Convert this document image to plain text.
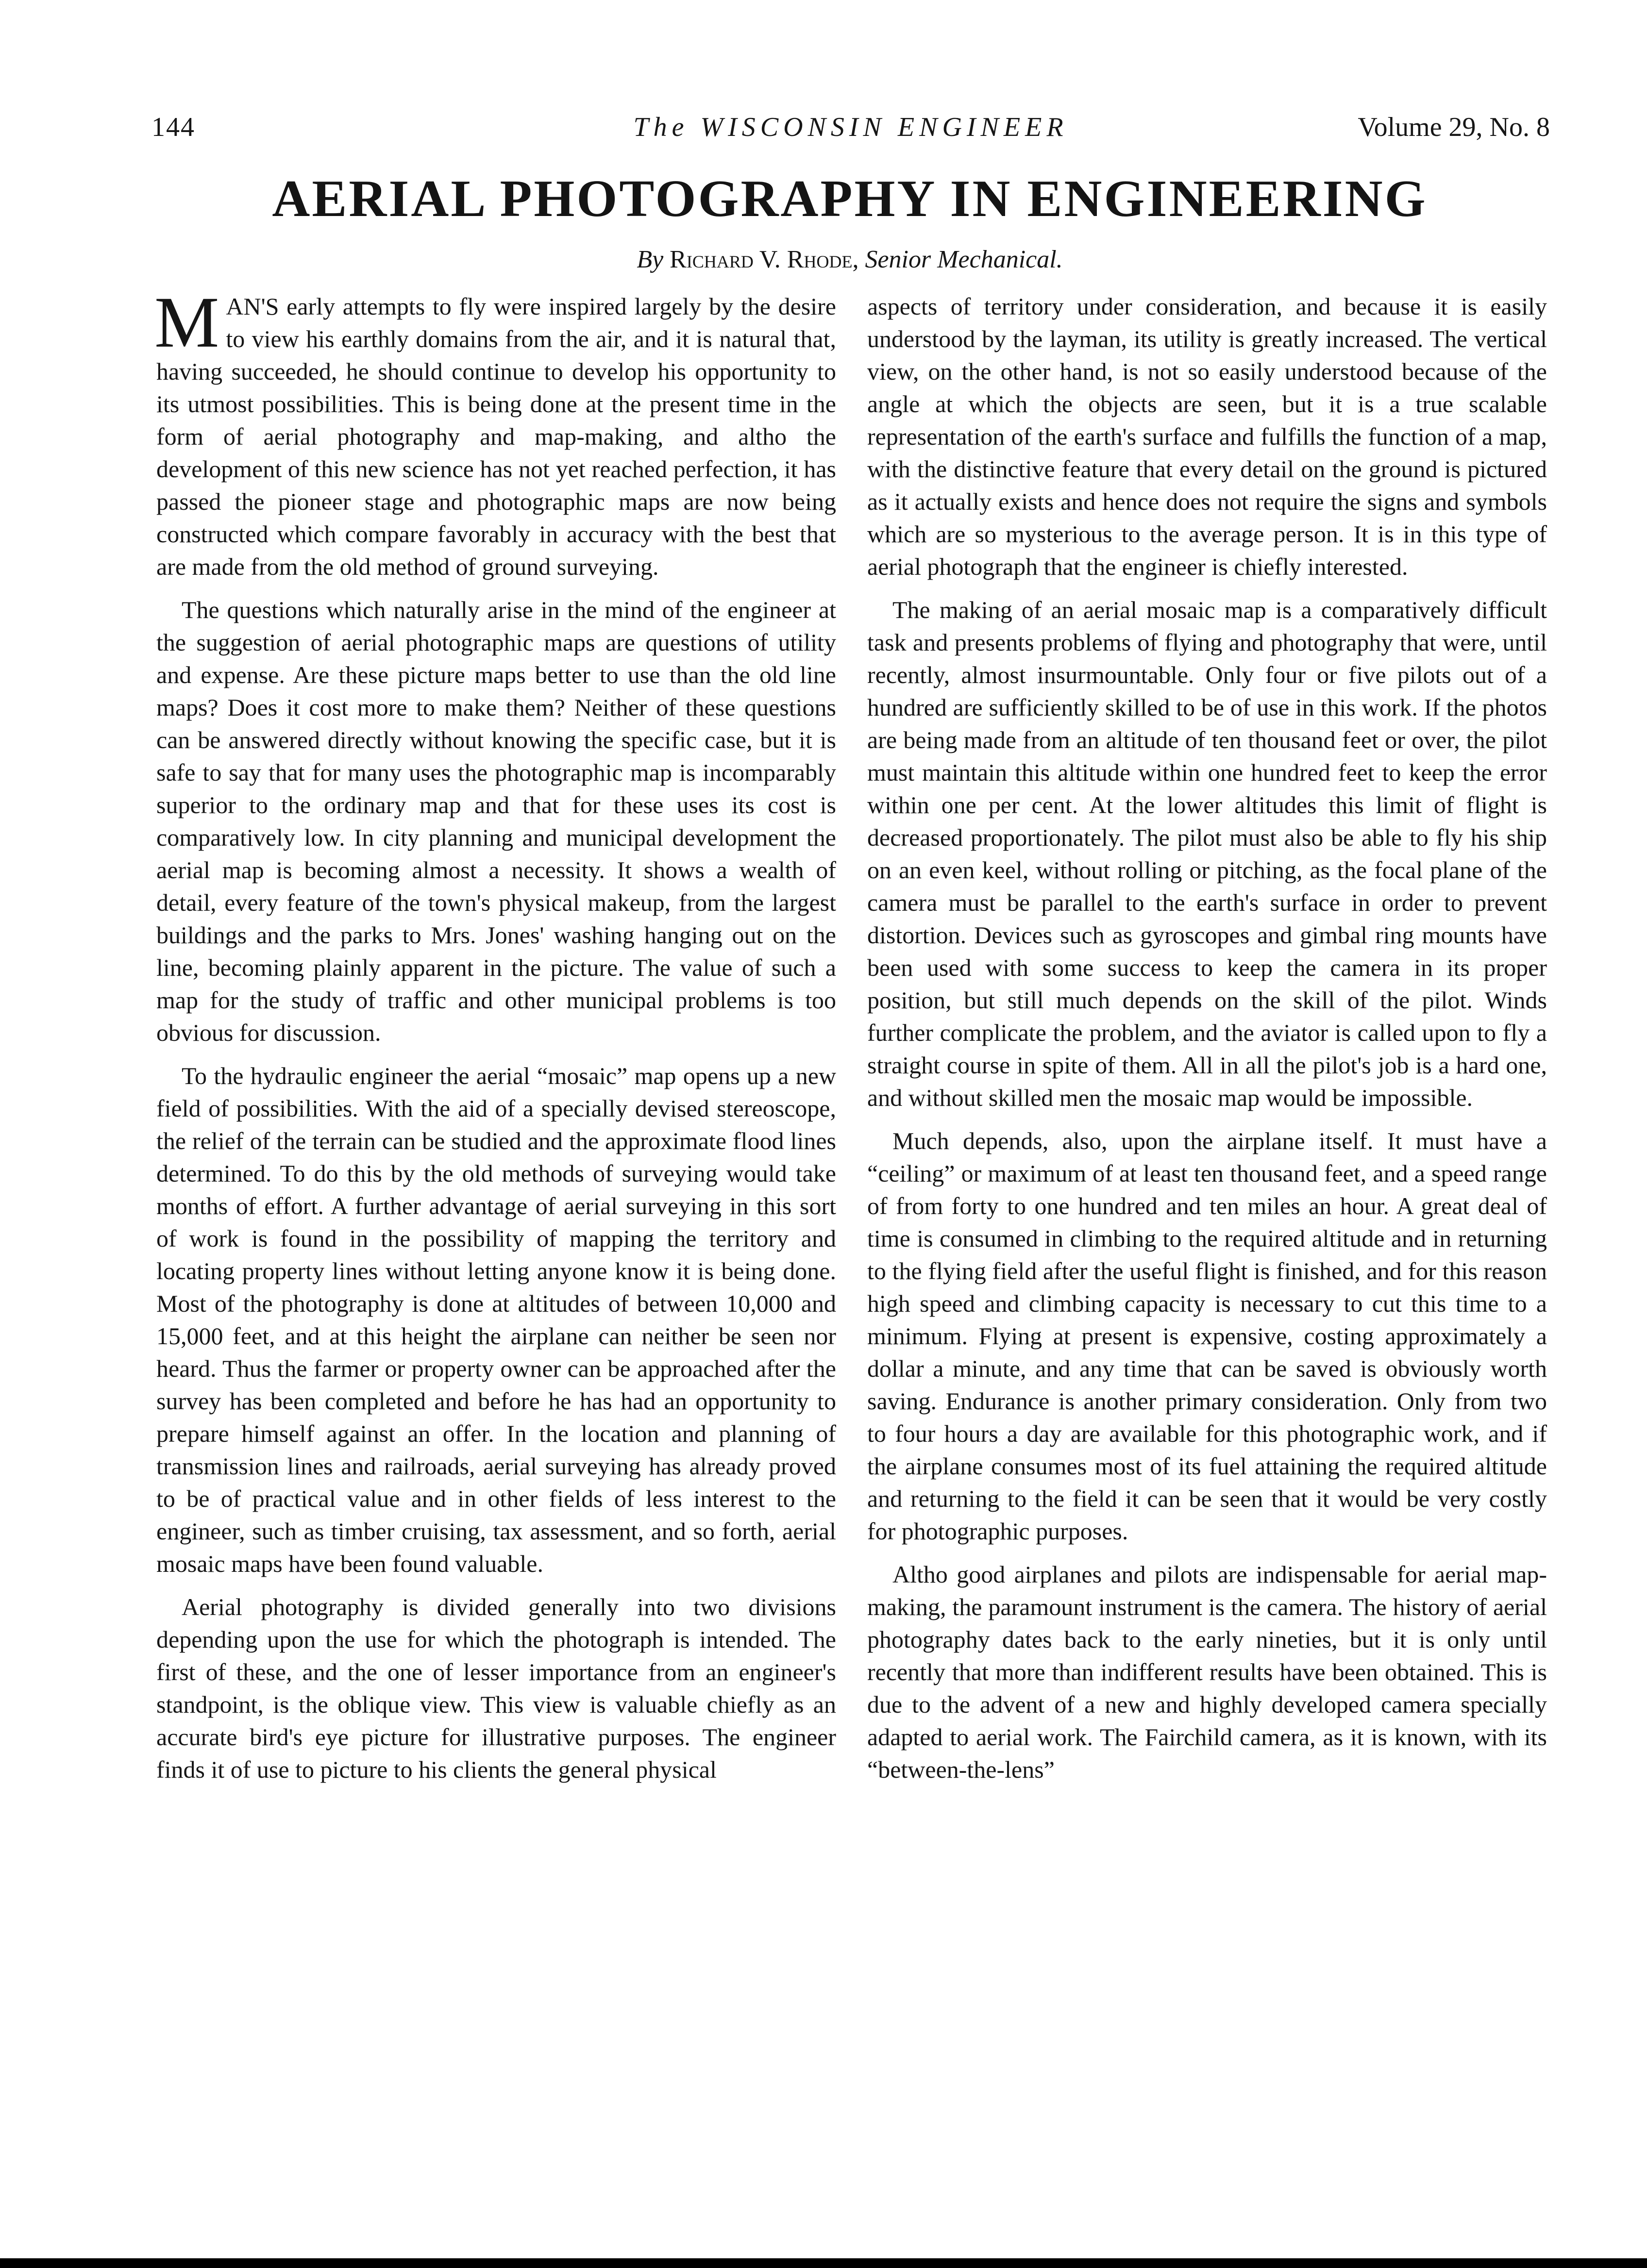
144	The WISCONSIN ENGINEER	Volume 29, No. 8
AERIAL PHOTOGRAPHY IN ENGINEERING
By Richard V. Rhode, Senior Mechanical.

MAN'S early attempts to fly were inspired largely by the desire to view his earthly domains from the air, and it is natural that, having succeeded, he should continue to develop his opportunity to its utmost possibilities. This is being done at the present time in the form of aerial photography and map-making, and altho the development of this new science has not yet reached perfection, it has passed the pioneer stage and photographic maps are now being constructed which compare favorably in accuracy with the best that are made from the old method of ground surveying.

The questions which naturally arise in the mind of the engineer at the suggestion of aerial photographic maps are questions of utility and expense. Are these picture maps better to use than the old line maps? Does it cost more to make them? Neither of these questions can be answered directly without knowing the specific case, but it is safe to say that for many uses the photographic map is incomparably superior to the ordinary map and that for these uses its cost is comparatively low. In city planning and municipal development the aerial map is becoming almost a necessity. It shows a wealth of detail, every feature of the town's physical makeup, from the largest buildings and the parks to Mrs. Jones' washing hanging out on the line, becoming plainly apparent in the picture. The value of such a map for the study of traffic and other municipal problems is too obvious for discussion.

To the hydraulic engineer the aerial “mosaic” map opens up a new field of possibilities. With the aid of a specially devised stereoscope, the relief of the terrain can be studied and the approximate flood lines determined. To do this by the old methods of surveying would take months of effort. A further advantage of aerial surveying in this sort of work is found in the possibility of mapping the territory and locating property lines without letting anyone know it is being done. Most of the photography is done at altitudes of between 10,000 and 15,000 feet, and at this height the airplane can neither be seen nor heard. Thus the farmer or property owner can be approached after the survey has been completed and before he has had an opportunity to prepare himself against an offer. In the location and planning of transmission lines and railroads, aerial surveying has already proved to be of practical value and in other fields of less interest to the engineer, such as timber cruising, tax assessment, and so forth, aerial mosaic maps have been found valuable.

Aerial photography is divided generally into two divisions depending upon the use for which the photograph is intended. The first of these, and the one of lesser importance from an engineer's standpoint, is the oblique view. This view is valuable chiefly as an accurate bird's eye picture for illustrative purposes. The engineer finds it of use to picture to his clients the general physical

aspects of territory under consideration, and because it is easily understood by the layman, its utility is greatly increased. The vertical view, on the other hand, is not so easily understood because of the angle at which the objects are seen, but it is a true scalable representation of the earth's surface and fulfills the function of a map, with the distinctive feature that every detail on the ground is pictured as it actually exists and hence does not require the signs and symbols which are so mysterious to the average person. It is in this type of aerial photograph that the engineer is chiefly interested.

The making of an aerial mosaic map is a comparatively difficult task and presents problems of flying and photography that were, until recently, almost insurmountable. Only four or five pilots out of a hundred are sufficiently skilled to be of use in this work. If the photos are being made from an altitude of ten thousand feet or over, the pilot must maintain this altitude within one hundred feet to keep the error within one per cent. At the lower altitudes this limit of flight is decreased proportionately. The pilot must also be able to fly his ship on an even keel, without rolling or pitching, as the focal plane of the camera must be parallel to the earth's surface in order to prevent distortion. Devices such as gyroscopes and gimbal ring mounts have been used with some success to keep the camera in its proper position, but still much depends on the skill of the pilot. Winds further complicate the problem, and the aviator is called upon to fly a straight course in spite of them. All in all the pilot's job is a hard one, and without skilled men the mosaic map would be impossible.

Much depends, also, upon the airplane itself. It must have a “ceiling” or maximum of at least ten thousand feet, and a speed range of from forty to one hundred and ten miles an hour. A great deal of time is consumed in climbing to the required altitude and in returning to the flying field after the useful flight is finished, and for this reason high speed and climbing capacity is necessary to cut this time to a minimum. Flying at present is expensive, costing approximately a dollar a minute, and any time that can be saved is obviously worth saving. Endurance is another primary consideration. Only from two to four hours a day are available for this photographic work, and if the airplane consumes most of its fuel attaining the required altitude and returning to the field it can be seen that it would be very costly for photographic purposes.

Altho good airplanes and pilots are indispensable for aerial map-making, the paramount instrument is the camera. The history of aerial photography dates back to the early nineties, but it is only until recently that more than indifferent results have been obtained. This is due to the advent of a new and highly developed camera specially adapted to aerial work. The Fairchild camera, as it is known, with its “between-the-lens”
